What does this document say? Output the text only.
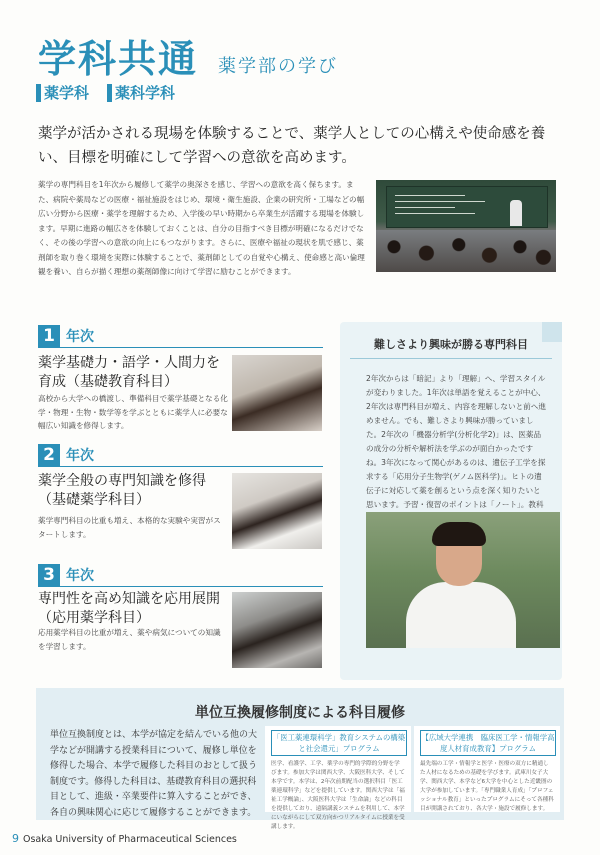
学科共通 薬学部の学び
薬学科 薬科学科
薬学が活かされる現場を体験することで、薬学人としての心構えや使命感を養い、目標を明確にして学習への意欲を高めます。
薬学の専門科目を1年次から履修して薬学の奥深さを感じ、学習への意欲を高く保ちます。また、病院や薬局などの医療・福祉施設をはじめ、環境・衛生施設、企業の研究所・工場などの幅広い分野から医療・薬学を理解するため、入学後の早い時期から卒業生が活躍する現場を体験します。早期に進路の幅広さを体験しておくことは、自分の目指すべき目標が明確になるだけでなく、その後の学習への意欲の向上にもつながります。さらに、医療や福祉の現状を肌で感じ、薬剤師を取り巻く環境を実際に体験することで、薬剤師としての自覚や心構え、使命感と高い倫理観を養い、自らが描く理想の薬剤師像に向けて学習に励むことができます。
1 年次
薬学基礎力・語学・人間力を育成（基礎教育科目）
高校から大学への橋渡し、準備科目で薬学基礎となる化学・物理・生物・数学等を学ぶとともに薬学人に必要な幅広い知識を修得します。
2 年次
薬学全般の専門知識を修得（基礎薬学科目）
薬学専門科目の比重も増え、本格的な実験や実習がスタートします。
3 年次
専門性を高め知識を応用展開（応用薬学科目）
応用薬学科目の比重が増え、薬や病気についての知識を学習します。
難しさより興味が勝る専門科目
2年次からは「暗記」より「理解」へ、学習スタイルが変わりました。1年次は単語を覚えることが中心、2年次は専門科目が増え、内容を理解しないと前へ進めません。でも、難しさより興味が勝っていました。2年次の「機器分析学(分析化学2)」は、医薬品の成分の分析や解析法を学ぶのが面白かったですね。3年次になって関心があるのは、遺伝子工学を探求する「応用分子生物学(ゲノム医科学)」。ヒトの遺伝子に対応して薬を創るという点を深く知りたいと思います。予習・復習のポイントは「ノート」。教科
単位互換履修制度による科目履修
単位互換制度とは、本学が協定を結んでいる他の大学などが開講する授業科目について、履修し単位を修得した場合、本学で履修した科目のおとして扱う制度です。修得した科目は、基礎教育科目の選択科目として、進級・卒業要件に算入することができ、各自の興味関心に応じて履修することができます。
「医工薬連環科学」教育システムの構築と社会還元」プログラム
医学、看護学、工学、薬学の専門的学際的分野を学びます。参加大学は関西大学、大阪医科大学、そして本学です。本学は、2年次前期配当の選択科目「医工薬連環科学」などを提供しています。関西大学は「福祉工学概論」、大阪医科大学は「生命論」などの科目を提供しており、遠隔講義システムを利用して、本学にいながらにして双方向かつリアルタイムに授業を受講します。
【広域大学連携　臨床医工学・情報学高度人材育成教育】プログラム
最先端の工学・情報学と医学・医療の双方に精通した人材になるための基礎を学びます。武庫川女子大学、関西大学、本学など6大学を中心とした近畿圏の大学が参加しています。「専門職業人育成」「プロフェッショナル教育」といったプログラムにそって各種科目が開講されており、各大学・施設で履修します。
9 Osaka University of Pharmaceutical Sciences
